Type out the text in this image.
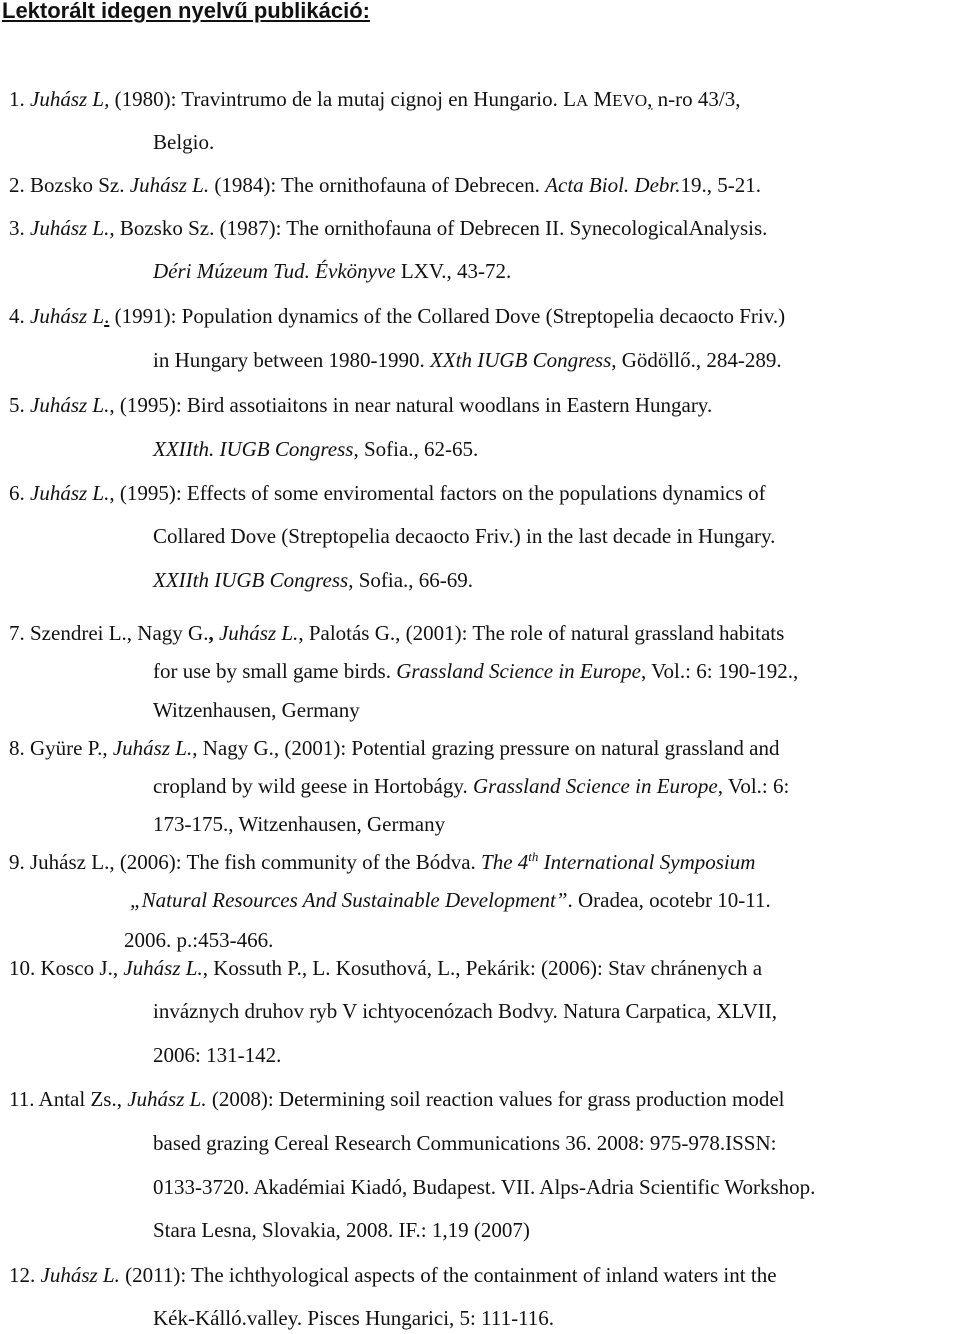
Lektorált idegen nyelvű publikáció:
1. Juhász L, (1980): Travintrumo de la mutaj cignoj en Hungario. LA MEVO, n-ro 43/3,
Belgio.
2. Bozsko Sz. Juhász L. (1984): The ornithofauna of Debrecen. Acta Biol. Debr.19., 5-21.
3. Juhász L., Bozsko Sz. (1987): The ornithofauna of Debrecen II. SynecologicalAnalysis.
Déri Múzeum Tud. Évkönyve LXV., 43-72.
4. Juhász L. (1991): Population dynamics of the Collared Dove (Streptopelia decaocto Friv.)
in Hungary between 1980-1990. XXth IUGB Congress, Gödöllő., 284-289.
5. Juhász L., (1995): Bird assotiaitons in near natural woodlans in Eastern Hungary.
XXIIth. IUGB Congress, Sofia., 62-65.
6. Juhász L., (1995): Effects of some enviromental factors on the populations dynamics of
Collared Dove (Streptopelia decaocto Friv.) in the last decade in Hungary.
XXIIth IUGB Congress, Sofia., 66-69.
7. Szendrei L., Nagy G., Juhász L., Palotás G., (2001): The role of natural grassland habitats
for use by small game birds. Grassland Science in Europe, Vol.: 6: 190-192.,
Witzenhausen, Germany
8. Gyüre P., Juhász L., Nagy G., (2001): Potential grazing pressure on natural grassland and
cropland by wild geese in Hortobágy. Grassland Science in Europe, Vol.: 6:
173-175., Witzenhausen, Germany
9. Juhász L., (2006): The fish community of the Bódva. The 4th International Symposium
„Natural Resources And Sustainable Development”. Oradea, ocotebr 10-11.
2006. p.:453-466.
10. Kosco J., Juhász L., Kossuth P., L. Kosuthová, L., Pekárik: (2006): Stav chránenych a
inváznych druhov ryb V ichtyocenózach Bodvy. Natura Carpatica, XLVII,
2006: 131-142.
11. Antal Zs., Juhász L. (2008): Determining soil reaction values for grass production model
based grazing Cereal Research Communications 36. 2008: 975-978.ISSN:
0133-3720. Akadémiai Kiadó, Budapest. VII. Alps-Adria Scientific Workshop.
Stara Lesna, Slovakia, 2008. IF.: 1,19 (2007)
12. Juhász L. (2011): The ichthyological aspects of the containment of inland waters int the
Kék-Kálló.valley. Pisces Hungarici, 5: 111-116.
